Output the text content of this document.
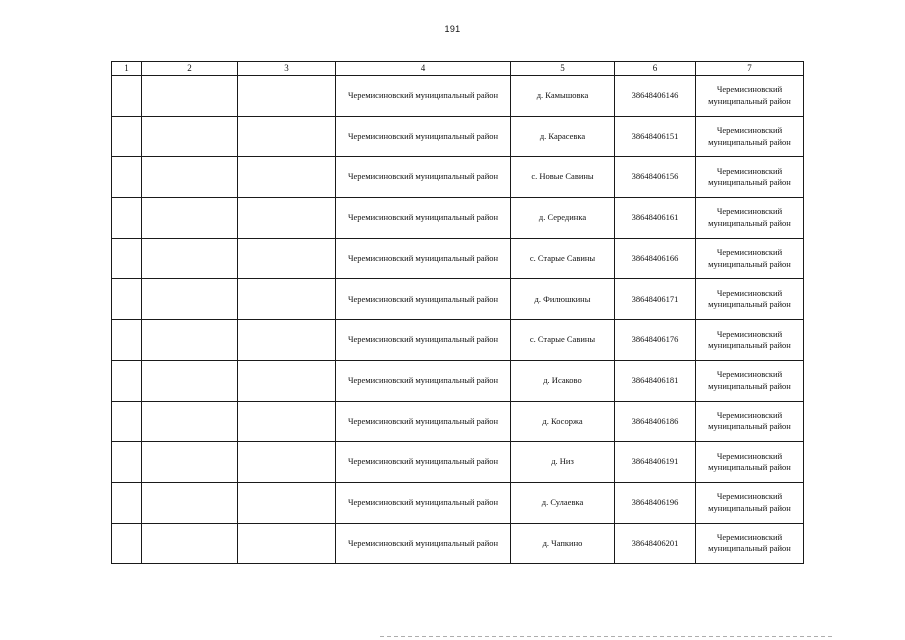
191
1	2	3	4	5	6	7
			Черемисиновский муниципальный район	д. Камышовка	38648406146	Черемисиновский муниципальный район
			Черемисиновский муниципальный район	д. Карасевка	38648406151	Черемисиновский муниципальный район
			Черемисиновский муниципальный район	с. Новые Савины	38648406156	Черемисиновский муниципальный район
			Черемисиновский муниципальный район	д. Серединка	38648406161	Черемисиновский муниципальный район
			Черемисиновский муниципальный район	с. Старые Савины	38648406166	Черемисиновский муниципальный район
			Черемисиновский муниципальный район	д. Филюшкины	38648406171	Черемисиновский муниципальный район
			Черемисиновский муниципальный район	с. Старые Савины	38648406176	Черемисиновский муниципальный район
			Черемисиновский муниципальный район	д. Исаково	38648406181	Черемисиновский муниципальный район
			Черемисиновский муниципальный район	д. Косоржа	38648406186	Черемисиновский муниципальный район
			Черемисиновский муниципальный район	д. Низ	38648406191	Черемисиновский муниципальный район
			Черемисиновский муниципальный район	д. Сулаевка	38648406196	Черемисиновский муниципальный район
			Черемисиновский муниципальный район	д. Чапкино	38648406201	Черемисиновский муниципальный район
